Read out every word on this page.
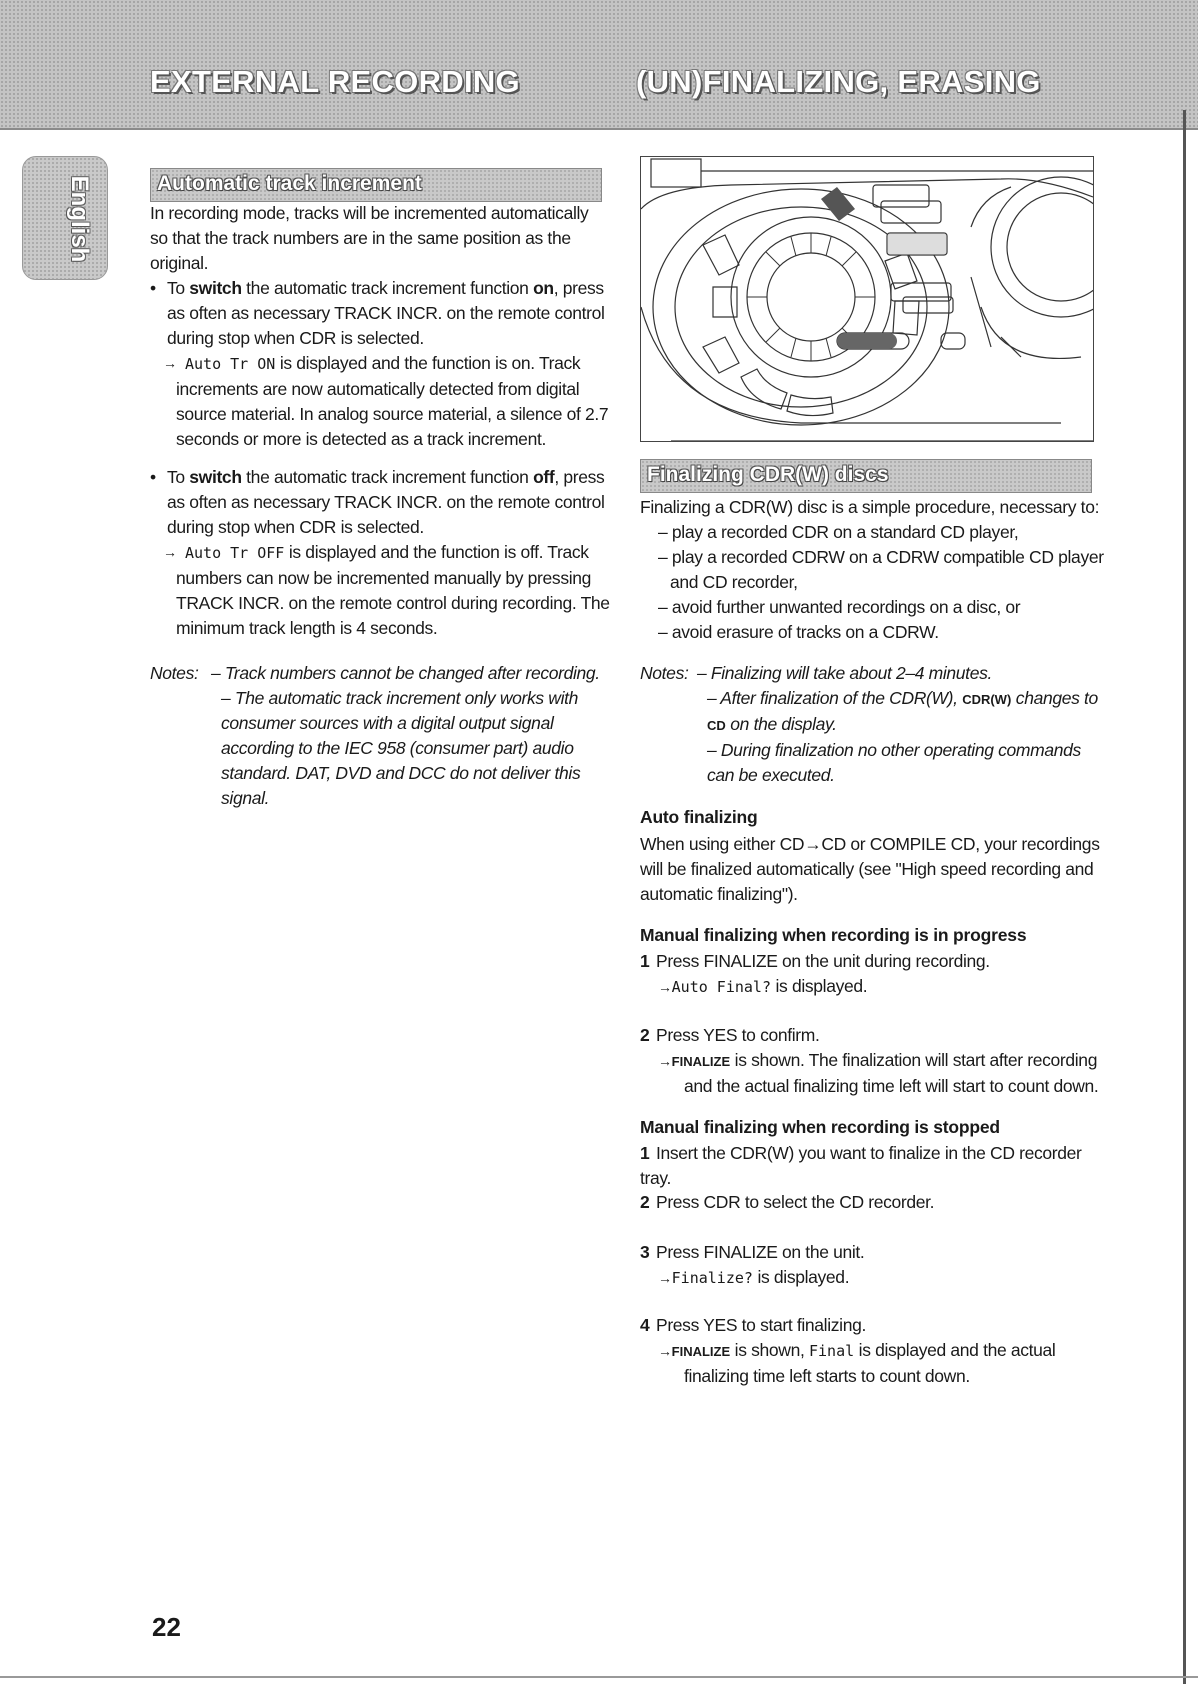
EXTERNAL RECORDING	(UN)FINALIZING, ERASING
English	Automatic track increment
In recording mode, tracks will be incremented automatically so that the track numbers are in the same position as the original.
• To switch the automatic track increment function on, press as often as necessary TRACK INCR. on the remote control during stop when CDR is selected.
→ Auto Tr ON is displayed and the function is on. Track increments are now automatically detected from digital source material. In analog source material, a silence of 2.7 seconds or more is detected as a track increment.
• To switch the automatic track increment function off, press as often as necessary TRACK INCR. on the remote control during stop when CDR is selected.
→ Auto Tr OFF is displayed and the function is off. Track numbers can now be incremented manually by pressing TRACK INCR. on the remote control during recording. The minimum track length is 4 seconds.
Notes: – Track numbers cannot be changed after recording.
– The automatic track increment only works with consumer sources with a digital output signal according to the IEC 958 (consumer part) audio standard. DAT, DVD and DCC do not deliver this signal.
Finalizing CDR(W) discs
Finalizing a CDR(W) disc is a simple procedure, necessary to:
– play a recorded CDR on a standard CD player,
– play a recorded CDRW on a CDRW compatible CD player and CD recorder,
– avoid further unwanted recordings on a disc, or
– avoid erasure of tracks on a CDRW.
Notes: – Finalizing will take about 2–4 minutes.
– After finalization of the CDR(W), CDR(W) changes to CD on the display.
– During finalization no other operating commands can be executed.
Auto finalizing
When using either CD→CD or COMPILE CD, your recordings will be finalized automatically (see "High speed recording and automatic finalizing").
Manual finalizing when recording is in progress
1 Press FINALIZE on the unit during recording.
→Auto Final? is displayed.
2 Press YES to confirm.
→FINALIZE is shown. The finalization will start after recording and the actual finalizing time left will start to count down.
Manual finalizing when recording is stopped
1 Insert the CDR(W) you want to finalize in the CD recorder tray.
2 Press CDR to select the CD recorder.
3 Press FINALIZE on the unit.
→Finalize? is displayed.
4 Press YES to start finalizing.
→FINALIZE is shown, Final is displayed and the actual finalizing time left starts to count down.
22
